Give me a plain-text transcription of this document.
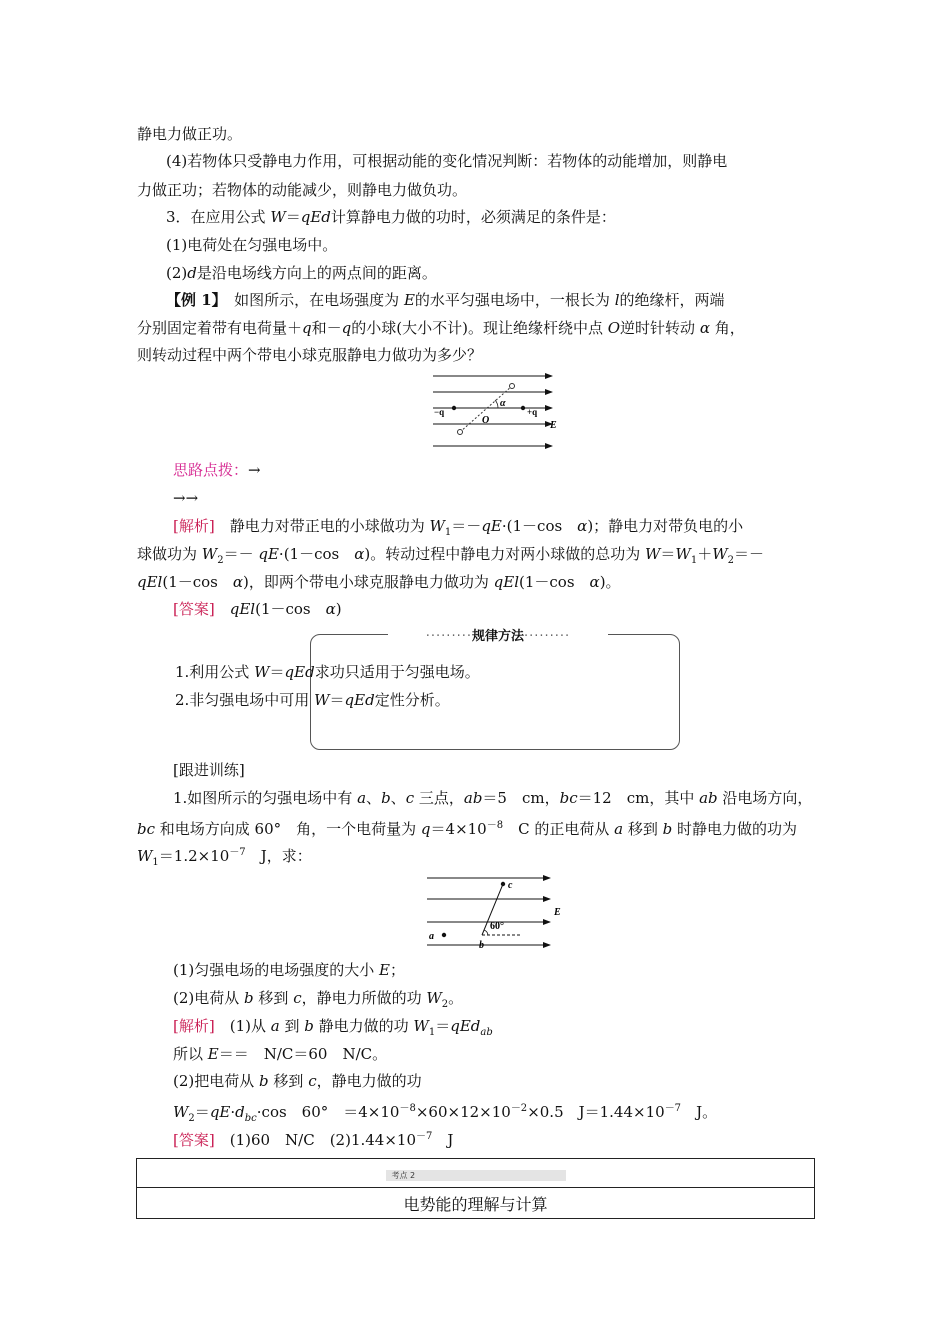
静电力做正功。
(4)若物体只受静电力作用，可根据动能的变化情况判断：若物体的动能增加，则静电
力做正功；若物体的动能减少，则静电力做负功。
3．在应用公式 W＝qEd计算静电力做的功时，必须满足的条件是：
(1)电荷处在匀强电场中。
(2)d是沿电场线方向上的两点间的距离。
【例 1】　如图所示，在电场强度为 E的水平匀强电场中，一根长为 l的绝缘杆，两端
分别固定着带有电荷量＋q和－q的小球(大小不计)。现让绝缘杆绕中点 O逆时针转动 α 角，
则转动过程中两个带电小球克服静电力做功为多少？
−q	+q
O
α
E
思路点拨：→
→→
[解析]　静电力对带正电的小球做功为 $W_1=-qE\cdot(1-\cos$　α)；静电力对带负电的小
球做功为 $W_2=- qE\cdot(1-\cos$　α)。转动过程中静电力对两小球做的总功为 $W=W_1+W_2=-$
qEl(1－cos　α)，即两个带电小球克服静电力做功为 qEl(1－cos　α)。
[答案]　 qEl(1－cos　α)
·········规律方法·········
1.利用公式 W＝qEd求功只适用于匀强电场。
2.非匀强电场中可用 W＝qEd定性分析。
[跟进训练]
1.如图所示的匀强电场中有 a、b、c 三点，ab＝5　cm，bc＝12　cm，其中 ab 沿电场方向，
bc 和电场方向成 60°　角，一个电荷量为 $q=4\times 10^{-8}$　C 的正电荷从 a 移到 b 时静电力做的功为
$W_1=1.2\times 10^{-7}$　J，求：
a
b
c
60°
E
(1)匀强电场的电场强度的大小 E；
(2)电荷从 b 移到 c，静电力所做的功 $W_2$。
[解析]　(1)从 a 到 b 静电力做的功 $W_1=qEd_{ab}$
所以 E＝＝　N/C＝60　N/C。
(2)把电荷从 b 移到 c，静电力做的功
$W_2=qE\cdot d_{bc}\cdot\cos$　60°　$=4\times 10^{-8}\times 60\times 12\times 10^{-2}\times 0.5$　$J=1.44\times 10^{-7}$　J。
[答案]　(1)60　N/C　$(2)1.44\times 10^{-7}$　J
考点 2
电势能的理解与计算
